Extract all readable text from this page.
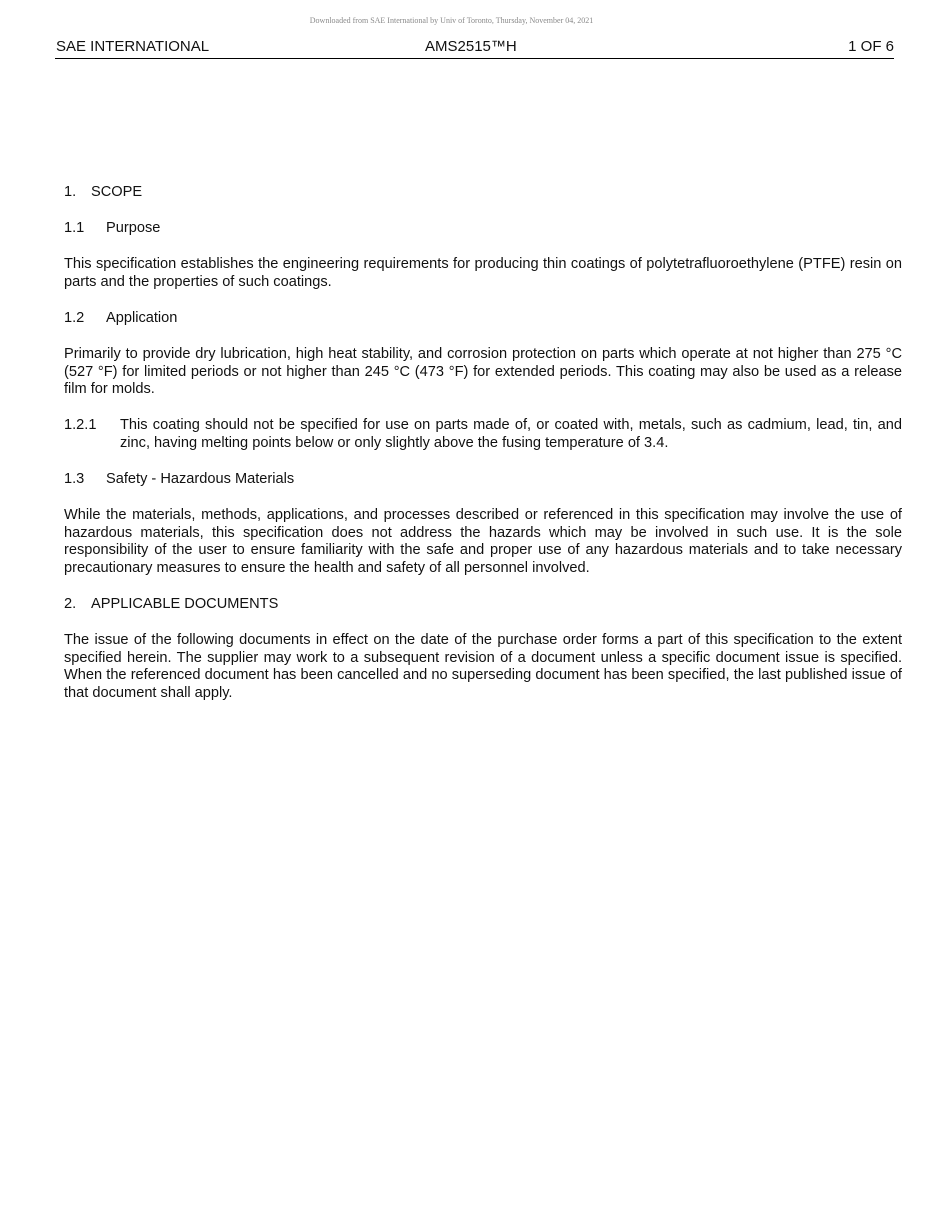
Downloaded from SAE International by Univ of Toronto, Thursday, November 04, 2021
SAE INTERNATIONAL	AMS2515™H	1 OF 6
1. SCOPE
1.1 Purpose
This specification establishes the engineering requirements for producing thin coatings of polytetrafluoroethylene (PTFE) resin on parts and the properties of such coatings.
1.2 Application
Primarily to provide dry lubrication, high heat stability, and corrosion protection on parts which operate at not higher than 275 °C (527 °F) for limited periods or not higher than 245 °C (473 °F) for extended periods. This coating may also be used as a release film for molds.
1.2.1	This coating should not be specified for use on parts made of, or coated with, metals, such as cadmium, lead, tin, and zinc, having melting points below or only slightly above the fusing temperature of 3.4.
1.3 Safety - Hazardous Materials
While the materials, methods, applications, and processes described or referenced in this specification may involve the use of hazardous materials, this specification does not address the hazards which may be involved in such use. It is the sole responsibility of the user to ensure familiarity with the safe and proper use of any hazardous materials and to take necessary precautionary measures to ensure the health and safety of all personnel involved.
2. APPLICABLE DOCUMENTS
The issue of the following documents in effect on the date of the purchase order forms a part of this specification to the extent specified herein. The supplier may work to a subsequent revision of a document unless a specific document issue is specified. When the referenced document has been cancelled and no superseding document has been specified, the last published issue of that document shall apply.
